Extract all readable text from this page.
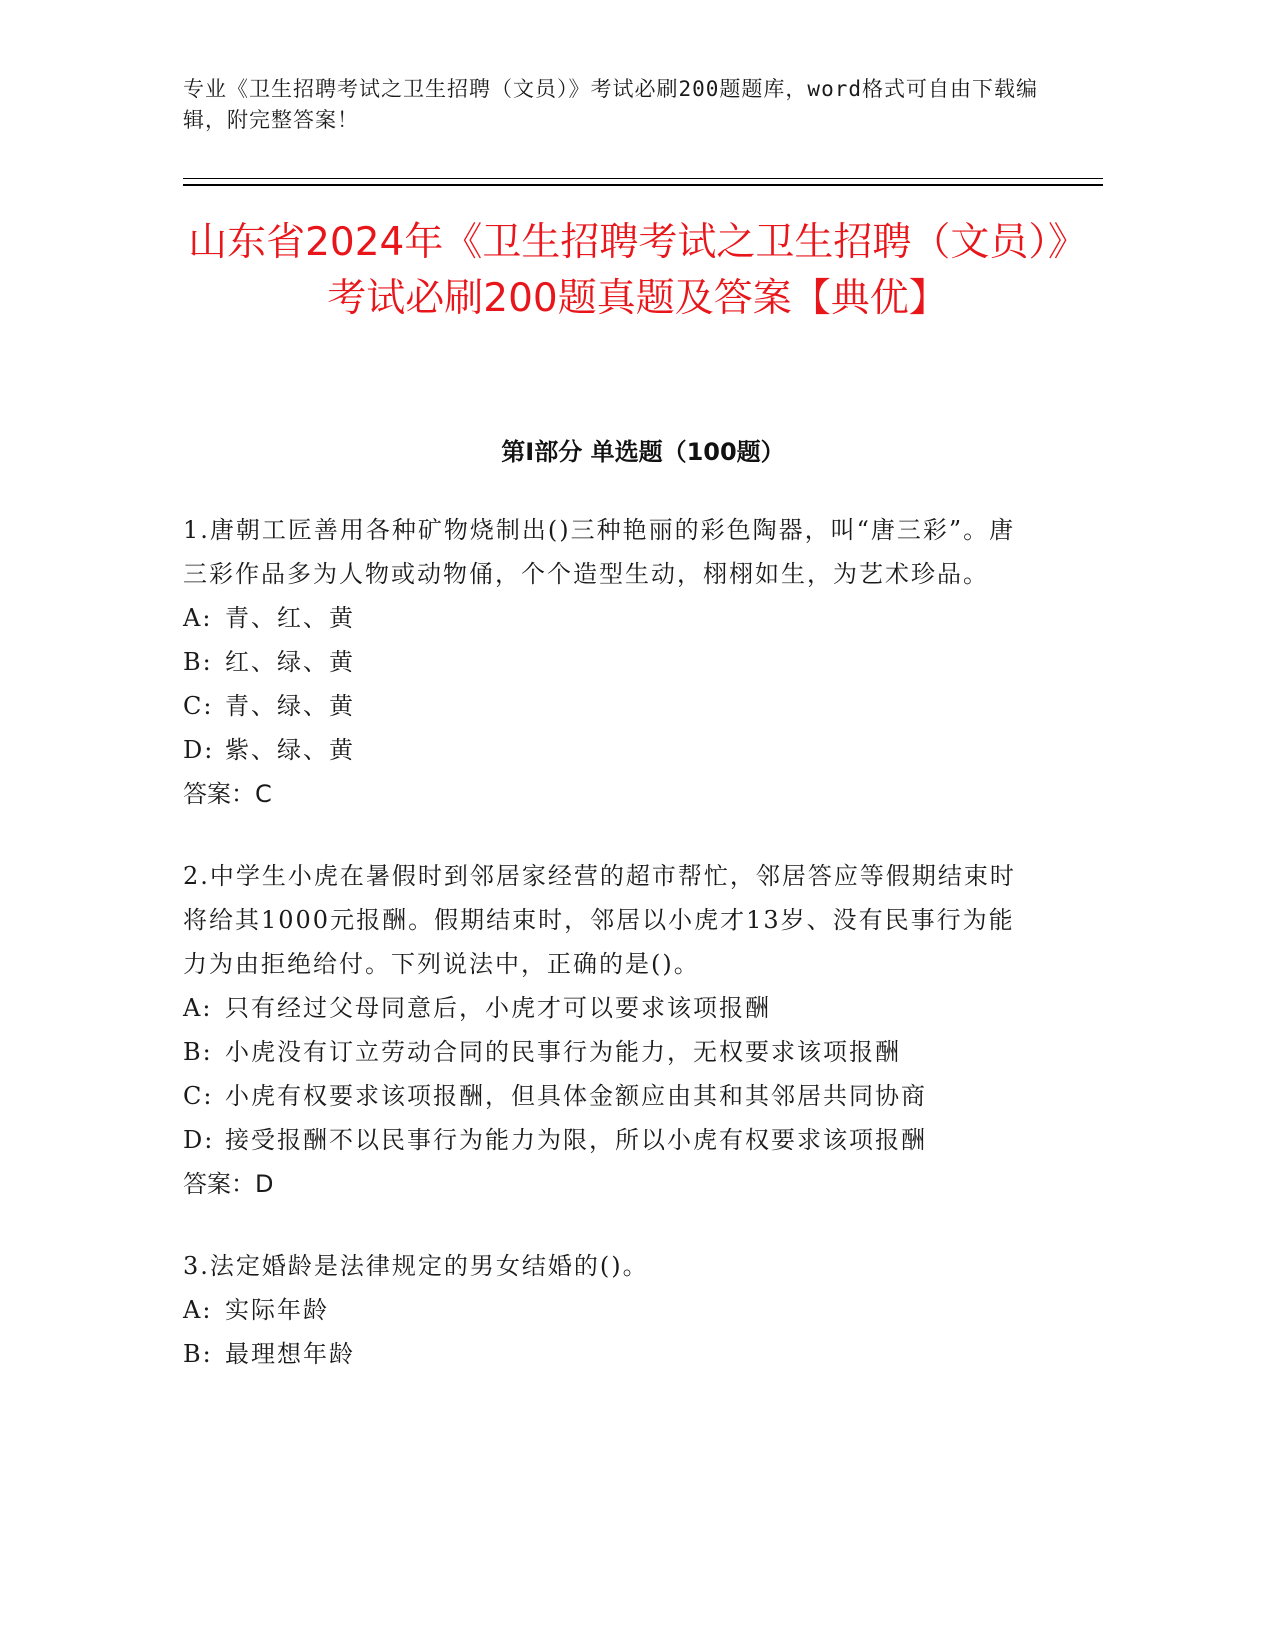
专业《卫生招聘考试之卫生招聘（文员）》考试必刷200题题库，word格式可自由下载编辑，附完整答案！
山东省2024年《卫生招聘考试之卫生招聘（文员）》考试必刷200题真题及答案【典优】
第Ⅰ部分 单选题（100题）

1.唐朝工匠善用各种矿物烧制出()三种艳丽的彩色陶器，叫“唐三彩”。唐三彩作品多为人物或动物俑，个个造型生动，栩栩如生，为艺术珍品。

A: 青、红、黄

B: 红、绿、黄

C: 青、绿、黄

D: 紫、绿、黄

答案：C

2.中学生小虎在暑假时到邻居家经营的超市帮忙，邻居答应等假期结束时将给其1000元报酬。假期结束时，邻居以小虎才13岁、没有民事行为能力为由拒绝给付。下列说法中，正确的是()。

A: 只有经过父母同意后，小虎才可以要求该项报酬

B: 小虎没有订立劳动合同的民事行为能力，无权要求该项报酬

C: 小虎有权要求该项报酬，但具体金额应由其和其邻居共同协商

D: 接受报酬不以民事行为能力为限，所以小虎有权要求该项报酬

答案：D

3.法定婚龄是法律规定的男女结婚的()。

A: 实际年龄

B: 最理想年龄
